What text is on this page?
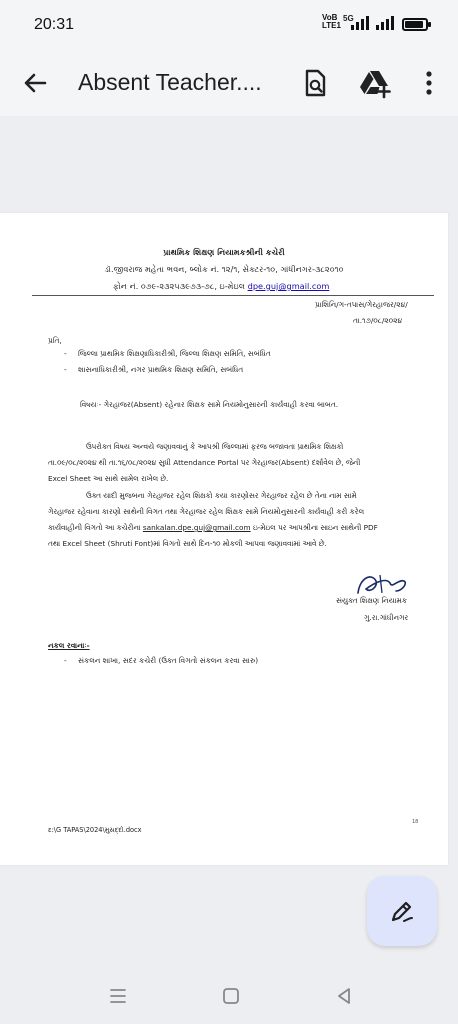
20:31	VoB
LTE1
5G
Absent Teacher....
પ્રાથમિક શિક્ષણ નિયામકશ્રીની કચેરી
ડૉ.જીવરાજ મહેતા ભવન, બ્લોક નં. ૧૨/૧, સેક્ટર-૧૦, ગાંધીનગર-૩૮૨૦૧૦
ફોન નં. ૦૭૯-૨૩૨૫૩૯૭૩-૭૮, ઇ-મેઇલ dpe.guj@gmail.com
પ્રાશિનિ/ગ-તપાસ/ગેરહાજર/૨૪/
તા.૧૭/૦૮/૨૦૨૪
પ્રતિ,
- જિલ્લા પ્રાથમિક શિક્ષણાધિકારીશ્રી, જિલ્લા શિક્ષણ સમિતિ, સબંધિત
- શાસનાધિકારીશ્રી, નગર પ્રાથમિક શિક્ષણ સમિતિ, સબંધિત
વિષયઃ- ગેરહાજર(Absent) રહેનાર શિક્ષક સામે નિયમોનુસારની કાર્યવાહી કરવા બાબત.
ઉપરોક્ત વિષય અન્વયે જણાવવાનું કે આપશ્રી જિલ્લામાં ફરજ બજાવતા પ્રાથમિક શિક્ષકો
તા.૦૯/૦૮/૨૦૨૪ થી તા.૧૬/૦૮/૨૦૨૪ સુધી Attendance Portal પર ગેરહાજર(Absent) દર્શાવેલ છે, જેની
Excel Sheet આ સાથે સામેલ રાખેલ છે.
ઉક્ત યાદી મુજબના ગેરહાજર રહેલ શિક્ષકો કયા કારણોસર ગેરહાજર રહેલ છે તેના નામ સામે
ગેરહાજર રહેવાના કારણો સાથેની વિગત તથા ગેરહાજર રહેલ શિક્ષક સામે નિયમોનુસારની કાર્યવાહી કરી કરેલ
કાર્યવાહીની વિગતો આ કચેરીના sankalan.dpe.guj@gmail.com ઇ-મેઇલ પર આપશ્રીના સાઇન સાથેની PDF
તથા Excel Sheet (Shruti Font)માં વિગતો સાથે દિન-૧૦ મોકલી આપવા જણાવવામાં આવે છે.
સંયુક્ત શિક્ષણ નિયામક
ગુ.રા.ગાંધીનગર
નકલ રવાનાઃ-
- સંકલન શાખા, સદર કચેરી (ઉક્ત વિગતો સંકલન કરવા સારુ)
ε:\G TAPAS\2024\મુસદ્દો.docx
18
